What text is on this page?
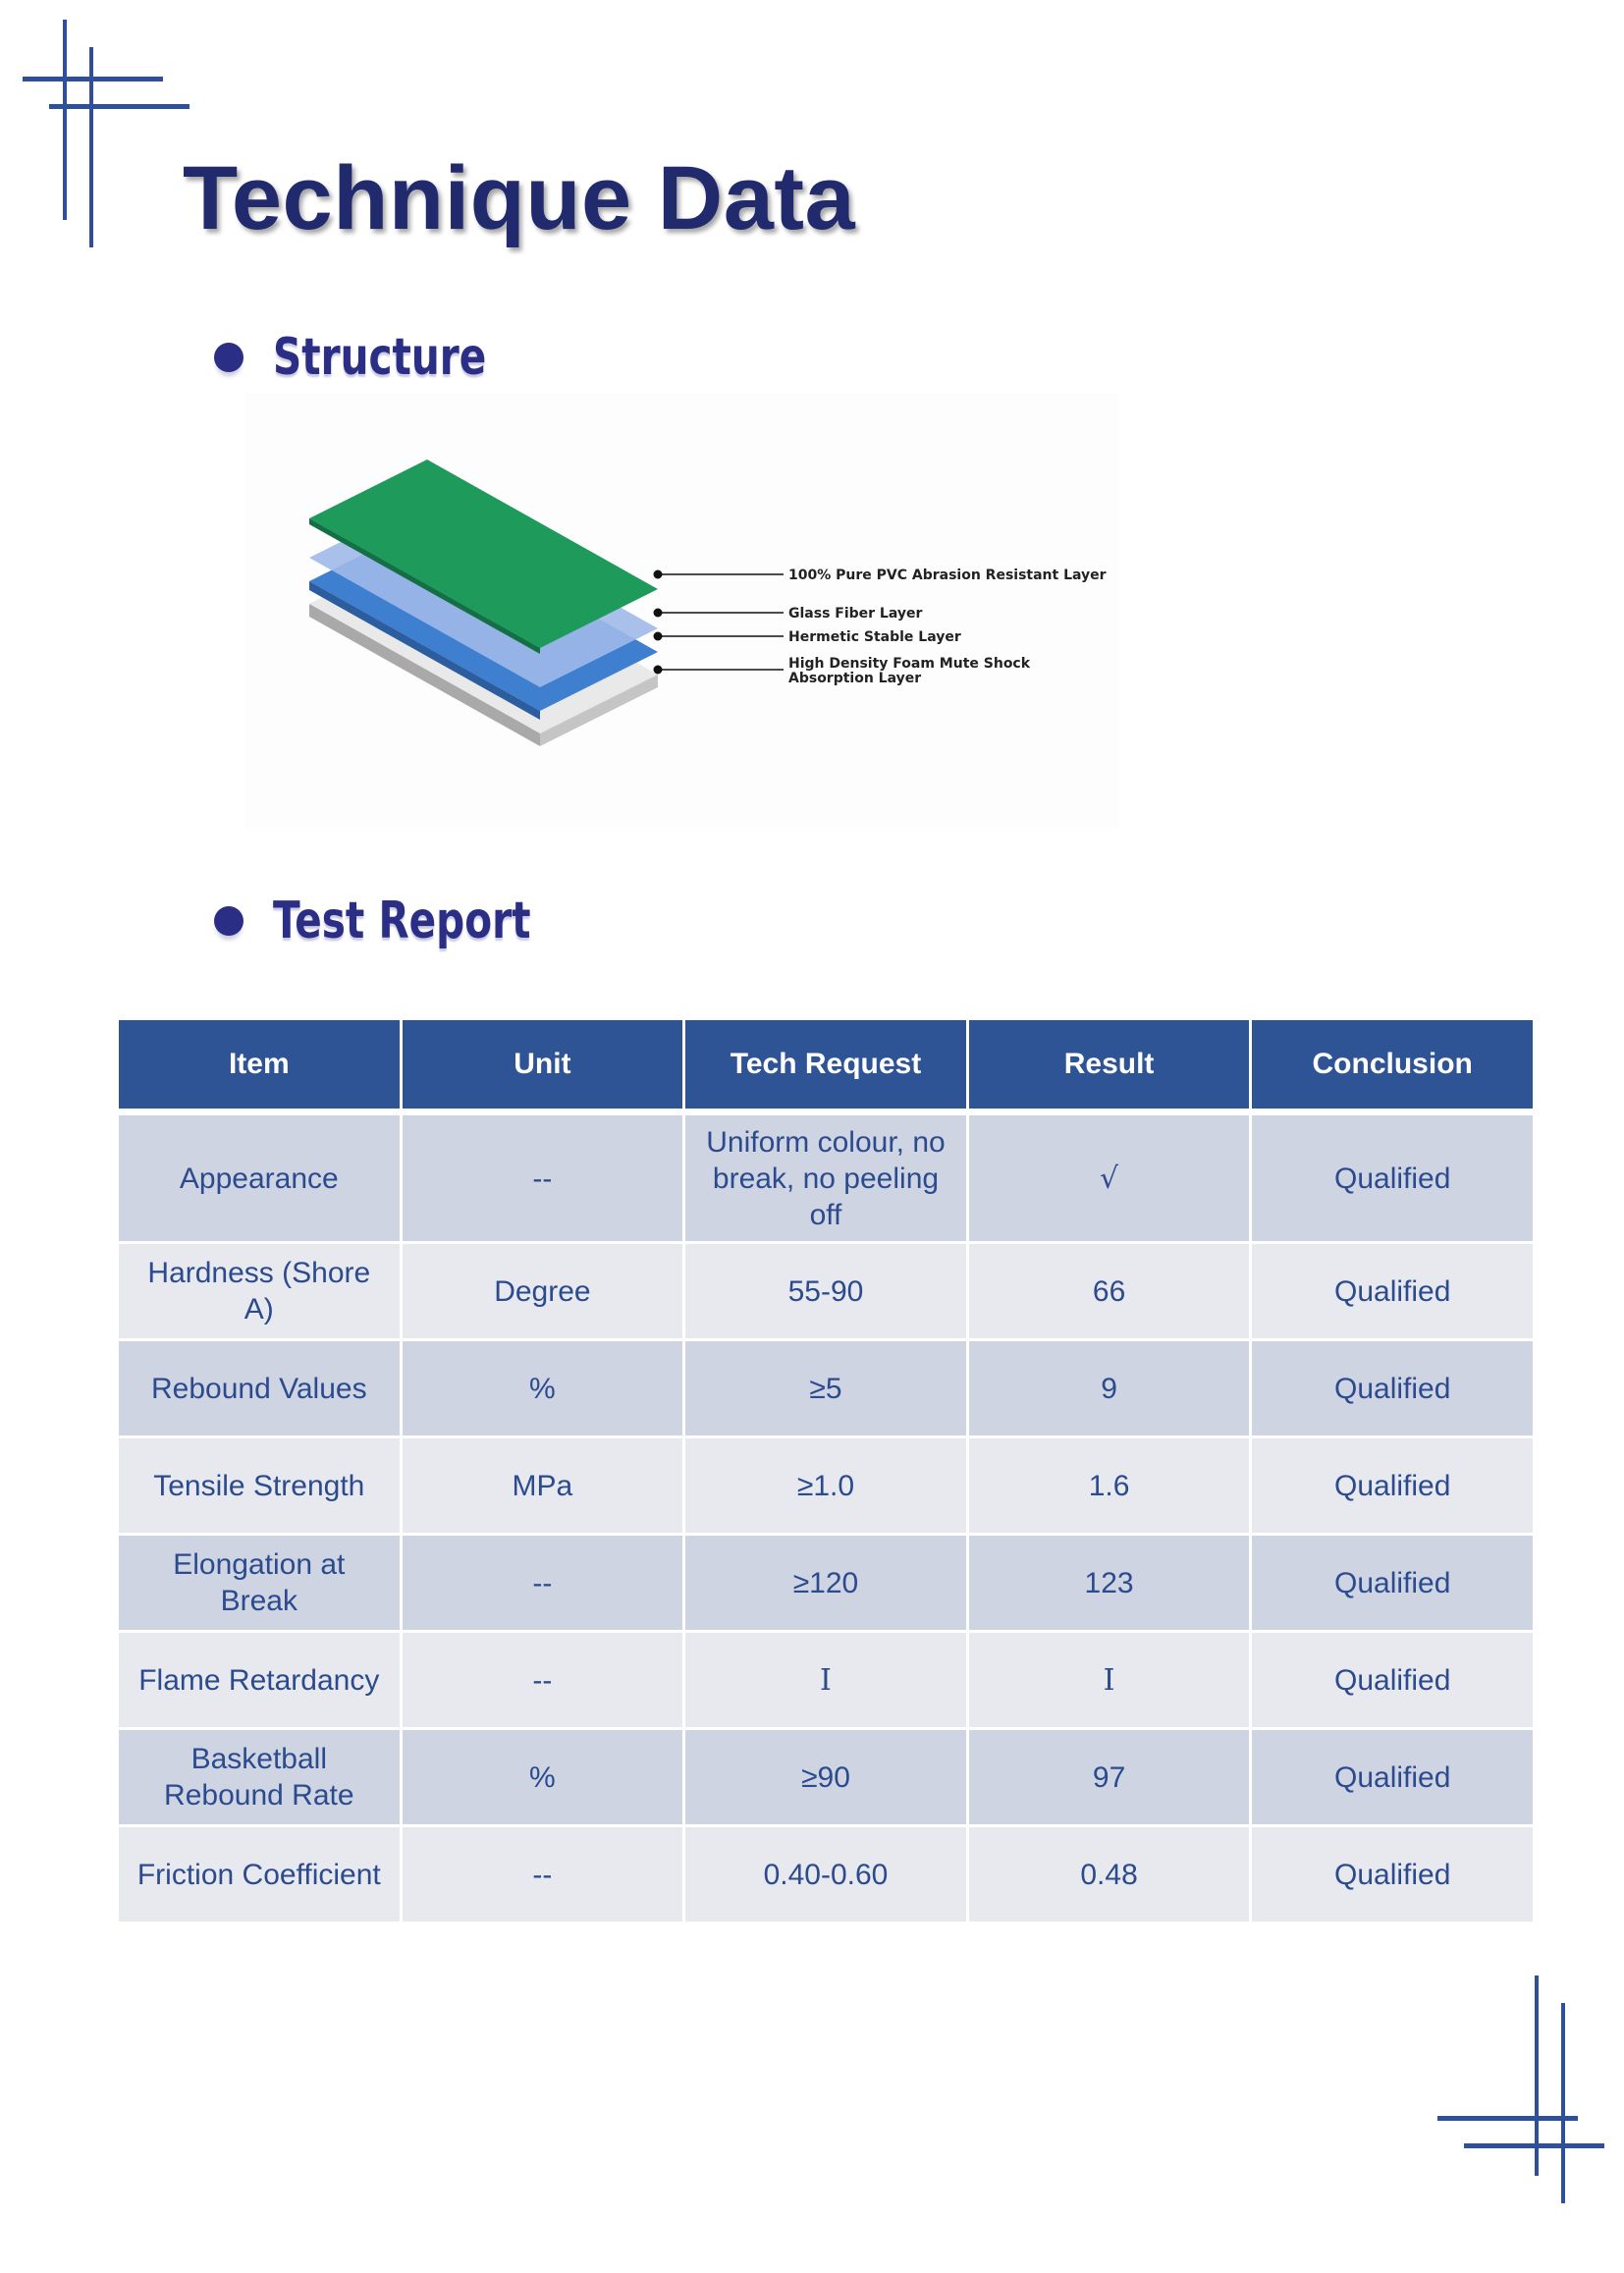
Technique Data
Structure
100% Pure PVC Abrasion Resistant Layer
Glass Fiber Layer
Hermetic Stable Layer
High Density Foam Mute Shock
Absorption Layer
Test Report
Item	Unit	Tech Request	Result	Conclusion
Appearance	--	Uniform colour, no break, no peeling off	√	Qualified
Hardness (Shore A)	Degree	55-90	66	Qualified
Rebound Values	%	≥5	9	Qualified
Tensile Strength	MPa	≥1.0	1.6	Qualified
Elongation at Break	--	≥120	123	Qualified
Flame Retardancy	--	I	I	Qualified
Basketball Rebound Rate	%	≥90	97	Qualified
Friction Coefficient	--	0.40-0.60	0.48	Qualified
